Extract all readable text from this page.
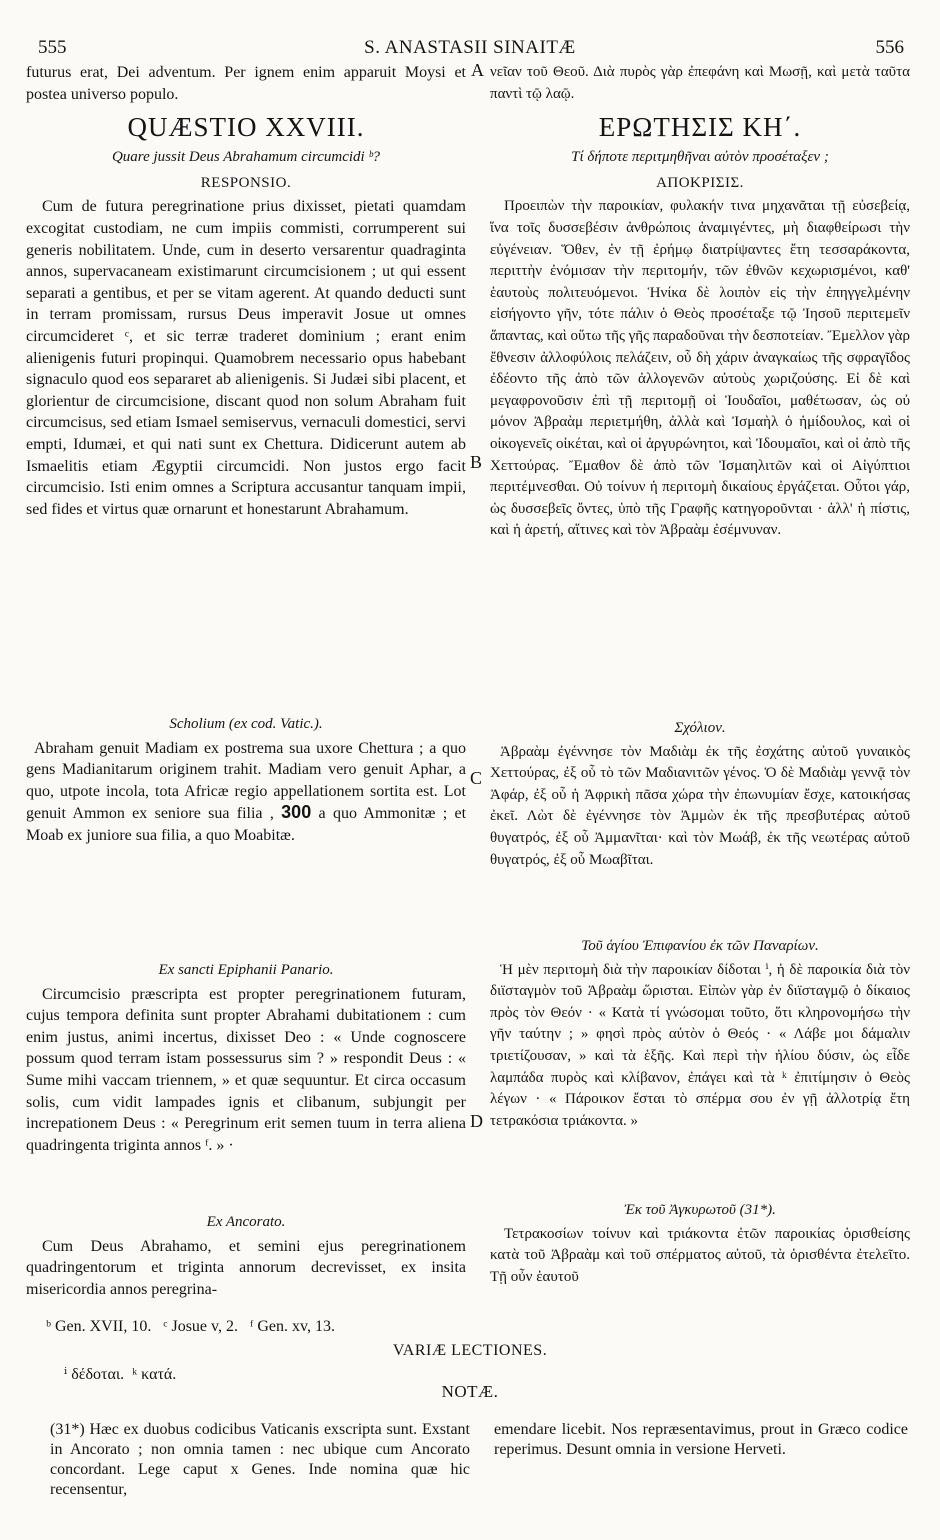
555	S. ANASTASII SINAITÆ	556
A
B
C
D

futurus erat, Dei adventum. Per ignem enim apparuit Moysi et postea universo populo.

QUÆSTIO XXVIII.
Quare jussit Deus Abrahamum circumcidi ᵇ?
RESPONSIO.

Cum de futura peregrinatione prius dixisset, pietati quamdam excogitat custodiam, ne cum impiis commisti, corrumperent sui generis nobilitatem. Unde, cum in deserto versarentur quadraginta annos, supervacaneam existimarunt circumcisionem ; ut qui essent separati a gentibus, et per se vitam agerent. At quando deducti sunt in terram promissam, rursus Deus imperavit Josue ut omnes circumcideret ᶜ, et sic terræ traderet dominium ; erant enim alienigenis futuri propinqui. Quamobrem necessario opus habebant signaculo quod eos separaret ab alienigenis. Si Judæi sibi placent, et glorientur de circumcisione, discant quod non solum Abraham fuit circumcisus, sed etiam Ismael semiservus, vernaculi domestici, servi empti, Idumæi, et qui nati sunt ex Chettura. Didicerunt autem ab Ismaelitis etiam Ægyptii circumcidi. Non justos ergo facit circumcisio. Isti enim omnes a Scriptura accusantur tanquam impii, sed fides et virtus quæ ornarunt et honestarunt Abrahamum.

Scholium (ex cod. Vatic.).

Abraham genuit Madiam ex postrema sua uxore Chettura ; a quo gens Madianitarum originem trahit. Madiam vero genuit Aphar, a quo, utpote incola, tota Africæ regio appellationem sortita est. Lot genuit Ammon ex seniore sua filia , 300 a quo Ammonitæ ; et Moab ex juniore sua filia, a quo Moabitæ.

Ex sancti Epiphanii Panario.

Circumcisio præscripta est propter peregrinationem futuram, cujus tempora definita sunt propter Abrahami dubitationem : cum enim justus, animi incertus, dixisset Deo : « Unde cognoscere possum quod terram istam possessurus sim ? » respondit Deus : « Sume mihi vaccam triennem, » et quæ sequuntur. Et circa occasum solis, cum vidit lampades ignis et clibanum, subjungit per increpationem Deus : « Peregrinum erit semen tuum in terra aliena quadringenta triginta annos ᶠ. » ·

Ex Ancorato.

Cum Deus Abrahamo, et semini ejus peregrinationem quadringentorum et triginta annorum decrevisset, ex insita misericordia annos peregrina-

ᵇ Gen. XVII, 10.   ᶜ Josue v, 2.   ᶠ Gen. xv, 13.

νεῖαν τοῦ Θεοῦ. Διὰ πυρὸς γὰρ ἐπεφάνη καὶ Μωσῇ, καὶ μετὰ ταῦτα παντὶ τῷ λαῷ.

ΕΡΩΤΗΣΙΣ ΚΗ΄.
Τί δήποτε περιτμηθῆναι αὐτὸν προσέταξεν ;
ΑΠΟΚΡΙΣΙΣ.

Προειπὼν τὴν παροικίαν, φυλακήν τινα μηχανᾶται τῇ εὐσεβείᾳ, ἵνα τοῖς δυσσεβέσιν ἀνθρώποις ἀναμιγέντες, μὴ διαφθείρωσι τὴν εὐγένειαν. Ὅθεν, ἐν τῇ ἐρήμῳ διατρίψαντες ἔτη τεσσαράκοντα, περιττὴν ἐνόμισαν τὴν περιτομήν, τῶν ἐθνῶν κεχωρισμένοι, καθ' ἑαυτοὺς πολιτευόμενοι. Ἡνίκα δὲ λοιπὸν εἰς τὴν ἐπηγγελμένην εἰσήγοντο γῆν, τότε πάλιν ὁ Θεὸς προσέταξε τῷ Ἰησοῦ περιτεμεῖν ἅπαντας, καὶ οὕτω τῆς γῆς παραδοῦναι τὴν δεσποτείαν. Ἔμελλον γὰρ ἔθνεσιν ἀλλοφύλοις πελάζειν, οὗ δὴ χάριν ἀναγκαίως τῆς σφραγῖδος ἐδέοντο τῆς ἀπὸ τῶν ἀλλογενῶν αὐτοὺς χωριζούσης. Εἰ δὲ καὶ μεγαφρονοῦσιν ἐπὶ τῇ περιτομῇ οἱ Ἰουδαῖοι, μαθέτωσαν, ὡς οὐ μόνον Ἀβραὰμ περιετμήθη, ἀλλὰ καὶ Ἰσμαὴλ ὁ ἡμίδουλος, καὶ οἱ οἰκογενεῖς οἰκέται, καὶ οἱ ἀργυρώνητοι, καὶ Ἰδουμαῖοι, καὶ οἱ ἀπὸ τῆς Χεττούρας. Ἔμαθον δὲ ἀπὸ τῶν Ἰσμαηλιτῶν καὶ οἱ Αἰγύπτιοι περιτέμνεσθαι. Οὐ τοίνυν ἡ περιτομὴ δικαίους ἐργάζεται. Οὗτοι γάρ, ὡς δυσσεβεῖς ὄντες, ὑπὸ τῆς Γραφῆς κατηγοροῦνται · ἀλλ' ἡ πίστις, καὶ ἡ ἀρετή, αἵτινες καὶ τὸν Ἀβραὰμ ἐσέμνυναν.

Σχόλιον.

Ἀβραὰμ ἐγέννησε τὸν Μαδιὰμ ἐκ τῆς ἐσχάτης αὐτοῦ γυναικὸς Χεττούρας, ἐξ οὗ τὸ τῶν Μαδιανιτῶν γένος. Ὁ δὲ Μαδιὰμ γεννᾷ τὸν Ἀφάρ, ἐξ οὗ ἡ Ἀφρικὴ πᾶσα χώρα τὴν ἐπωνυμίαν ἔσχε, κατοικήσας ἐκεῖ. Λὼτ δὲ ἐγέννησε τὸν Ἀμμὼν ἐκ τῆς πρεσβυτέρας αὐτοῦ θυγατρός, ἐξ οὗ Ἀμμανῖται· καὶ τὸν Μωάβ, ἐκ τῆς νεωτέρας αὐτοῦ θυγατρός, ἐξ οὗ Μωαβῖται.

Τοῦ ἁγίου Ἐπιφανίου ἐκ τῶν Παναρίων.

Ἡ μὲν περιτομὴ διὰ τὴν παροικίαν δίδοται ⁱ, ἡ δὲ παροικία διὰ τὸν διϊσταγμὸν τοῦ Ἀβραὰμ ὥρισται. Εἰπὼν γὰρ ἐν διϊσταγμῷ ὁ δίκαιος πρὸς τὸν Θεόν · « Κατὰ τί γνώσομαι τοῦτο, ὅτι κληρονομήσω τὴν γῆν ταύτην ; » φησὶ πρὸς αὐτὸν ὁ Θεός · « Λάβε μοι δάμαλιν τριετίζουσαν, » καὶ τὰ ἑξῆς. Καὶ περὶ τὴν ἡλίου δύσιν, ὡς εἶδε λαμπάδα πυρὸς καὶ κλίβανον, ἐπάγει καὶ τὰ ᵏ ἐπιτίμησιν ὁ Θεὸς λέγων · « Πάροικον ἔσται τὸ σπέρμα σου ἐν γῇ ἀλλοτρίᾳ ἔτη τετρακόσια τριάκοντα. »

Ἐκ τοῦ Ἀγκυρωτοῦ (31*).

Τετρακοσίων τοίνυν καὶ τριάκοντα ἐτῶν παροικίας ὁρισθείσης κατὰ τοῦ Ἀβραὰμ καὶ τοῦ σπέρματος αὐτοῦ, τὰ ὁρισθέντα ἐτελεῖτο. Τῇ οὖν ἑαυτοῦ

VARIÆ LECTIONES.
ⁱ δέδοται.  ᵏ κατά.
NOTÆ.
(31*) Hæc ex duobus codicibus Vaticanis exscripta sunt. Exstant in Ancorato ; non omnia tamen : nec ubique cum Ancorato concordant. Lege caput x Genes. Inde nomina quæ hic recensentur,
emendare licebit. Nos repræsentavimus, prout in Græco codice reperimus. Desunt omnia in versione Herveti.
